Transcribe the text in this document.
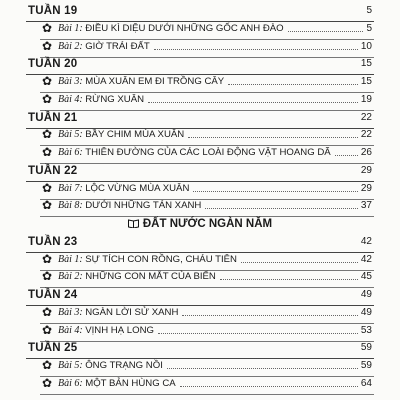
TUẦN 19	5
✿ Bài 1: ĐIỀU KÌ DIỆU DƯỚI NHỮNG GỐC ANH ĐÀO	5
✿ Bài 2: GIỜ TRÁI ĐẤT	10
TUẦN 20	15
✿ Bài 3: MÙA XUÂN EM ĐI TRỒNG CÂY	15
✿ Bài 4: RỪNG XUÂN	19
TUẦN 21	22
✿ Bài 5: BẦY CHIM MÙA XUÂN	22
✿ Bài 6: THIÊN ĐƯỜNG CỦA CÁC LOÀI ĐỘNG VẬT HOANG DÃ	26
TUẦN 22	29
✿ Bài 7: LỘC VỪNG MÙA XUÂN	29
✿ Bài 8: DƯỚI NHỮNG TÁN XANH	37
ĐẤT NƯỚC NGÀN NĂM
TUẦN 23	42
✿ Bài 1: SỰ TÍCH CON RỒNG, CHÁU TIÊN	42
✿ Bài 2: NHỮNG CON MẮT CỦA BIỂN	45
TUẦN 24	49
✿ Bài 3: NGÀN LỜI SỬ XANH	49
✿ Bài 4: VỊNH HẠ LONG	53
TUẦN 25	59
✿ Bài 5: ÔNG TRẠNG NỒI	59
✿ Bài 6: MỘT BẢN HÙNG CA	64
